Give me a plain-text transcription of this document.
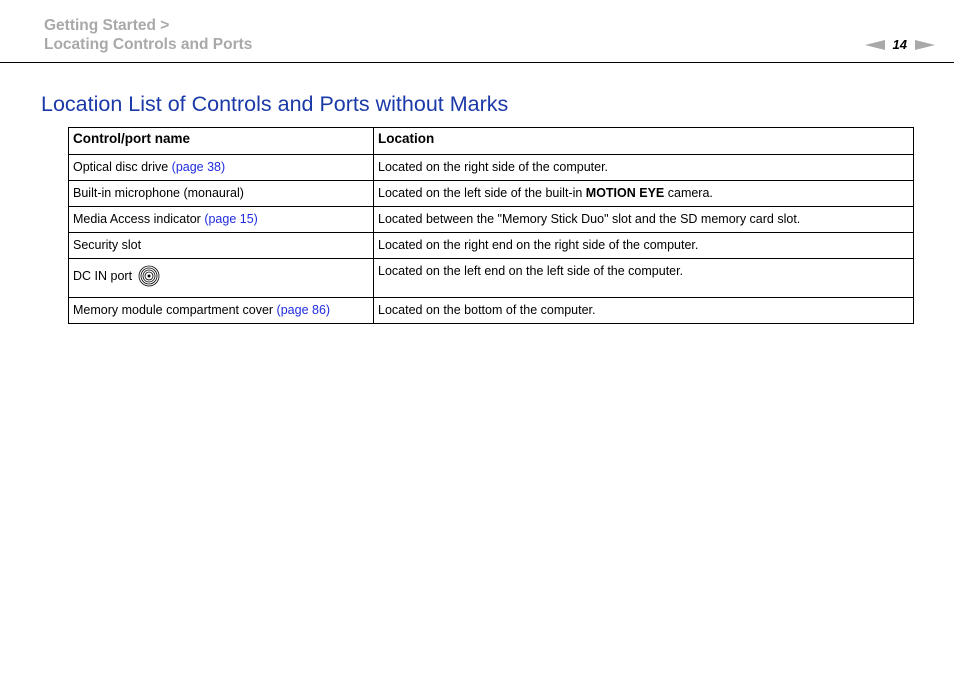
Getting Started >
Locating Controls and Ports	14
Location List of Controls and Ports without Marks
Control/port name	Location
Optical disc drive (page 38)	Located on the right side of the computer.
Built-in microphone (monaural)	Located on the left side of the built-in MOTION EYE camera.
Media Access indicator (page 15)	Located between the "Memory Stick Duo" slot and the SD memory card slot.
Security slot	Located on the right end on the right side of the computer.

DC IN port	Located on the left end on the left side of the computer.
Memory module compartment cover (page 86)	Located on the bottom of the computer.
